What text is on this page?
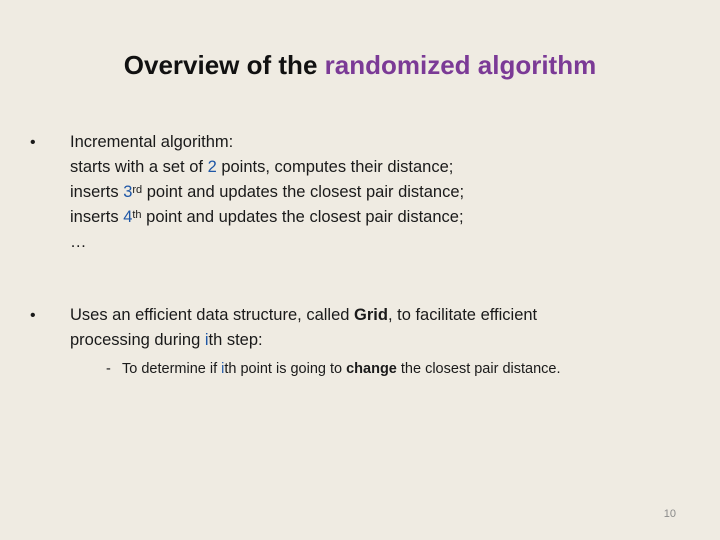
Overview of the randomized algorithm
• Incremental algorithm:
starts with a set of 2 points, computes their distance;
inserts 3rd point and updates the closest pair distance;
inserts 4th point and updates the closest pair distance;
…
• Uses an efficient data structure, called Grid, to facilitate efficient
processing during ith step:
- To determine if ith point is going to change the closest pair distance.
10
